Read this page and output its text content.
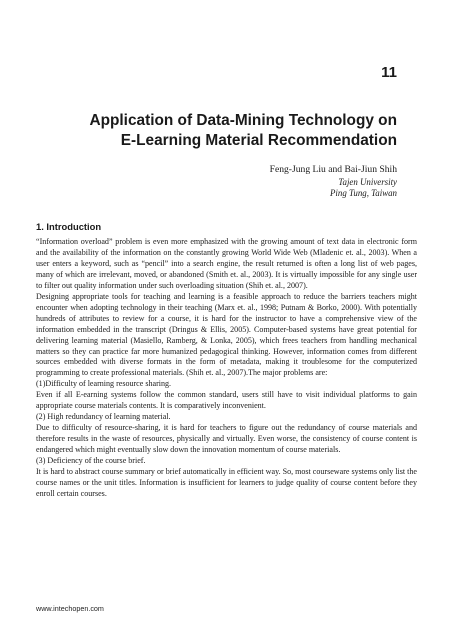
11
Application of Data-Mining Technology on
E-Learning Material Recommendation
Feng-Jung Liu and Bai-Jiun Shih
Tajen University
Ping Tung, Taiwan
1. Introduction

“Information overload” problem is even more emphasized with the growing amount of text data in electronic form and the availability of the information on the constantly growing World Wide Web (Mladenic et. al., 2003). When a user enters a keyword, such as “pencil” into a search engine, the result returned is often a long list of web pages, many of which are irrelevant, moved, or abandoned (Smith et. al., 2003). It is virtually impossible for any single user to filter out quality information under such overloading situation (Shih et. al., 2007).

Designing appropriate tools for teaching and learning is a feasible approach to reduce the barriers teachers might encounter when adopting technology in their teaching (Marx et. al., 1998; Putnam & Borko, 2000). With potentially hundreds of attributes to review for a course, it is hard for the instructor to have a comprehensive view of the information embedded in the transcript (Dringus & Ellis, 2005). Computer-based systems have great potential for delivering learning material (Masiello, Ramberg, & Lonka, 2005), which frees teachers from handling mechanical matters so they can practice far more humanized pedagogical thinking. However, information comes from different sources embedded with diverse formats in the form of metadata, making it troublesome for the computerized programming to create professional materials. (Shih et. al., 2007).The major problems are:

(1)Difficulty of learning resource sharing.

Even if all E-earning systems follow the common standard, users still have to visit individual platforms to gain appropriate course materials contents. It is comparatively inconvenient.

(2) High redundancy of learning material.

Due to difficulty of resource-sharing, it is hard for teachers to figure out the redundancy of course materials and therefore results in the waste of resources, physically and virtually. Even worse, the consistency of course content is endangered which might eventually slow down the innovation momentum of course materials.

(3) Deficiency of the course brief.

It is hard to abstract course summary or brief automatically in efficient way. So, most courseware systems only list the course names or the unit titles. Information is insufficient for learners to judge quality of course content before they enroll certain courses.

www.intechopen.com
